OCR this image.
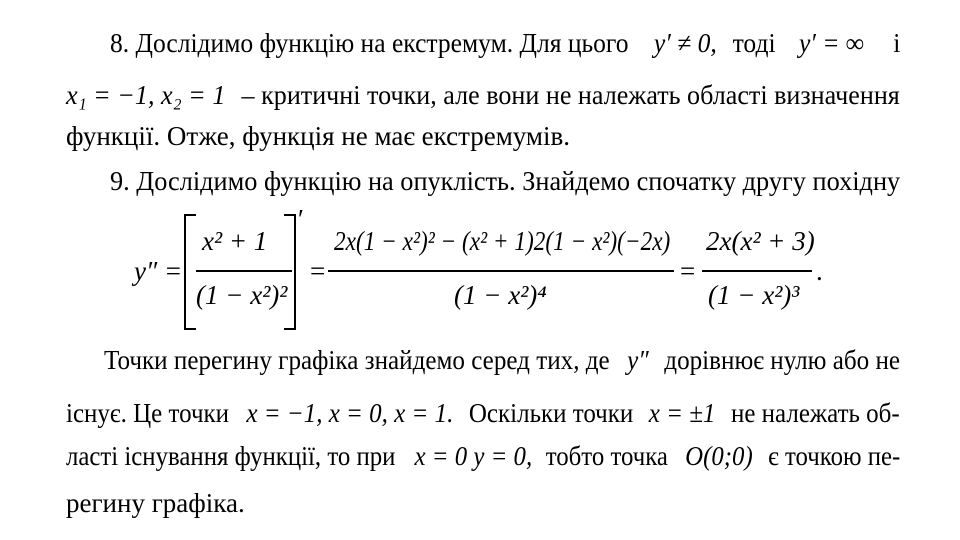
8. Дослідимо функцію на екстремум. Для цього y′ ≠ 0, тоді y′ = ∞ і
x₁ = −1, x₂ = 1 – критичні точки, але вони не належать області визначення
функції. Отже, функція не має екстремумів.
9. Дослідимо функцію на опуклість. Знайдемо спочатку другу похідну
y″ =
x² + 1
(1 − x²)²
′
=
2x(1 − x²)² − (x² + 1)2(1 − x²)(−2x)
(1 − x²)⁴
=
2x(x² + 3)
(1 − x²)³
.
Точки перегину графіка знайдемо серед тих, де y″ дорівнює нулю або не
існує. Це точки x = −1, x = 0, x = 1. Оскільки точки x = ±1 не належать об-
ласті існування функції, то при x = 0 y = 0, тобто точка O(0;0) є точкою пе-
регину графіка.
